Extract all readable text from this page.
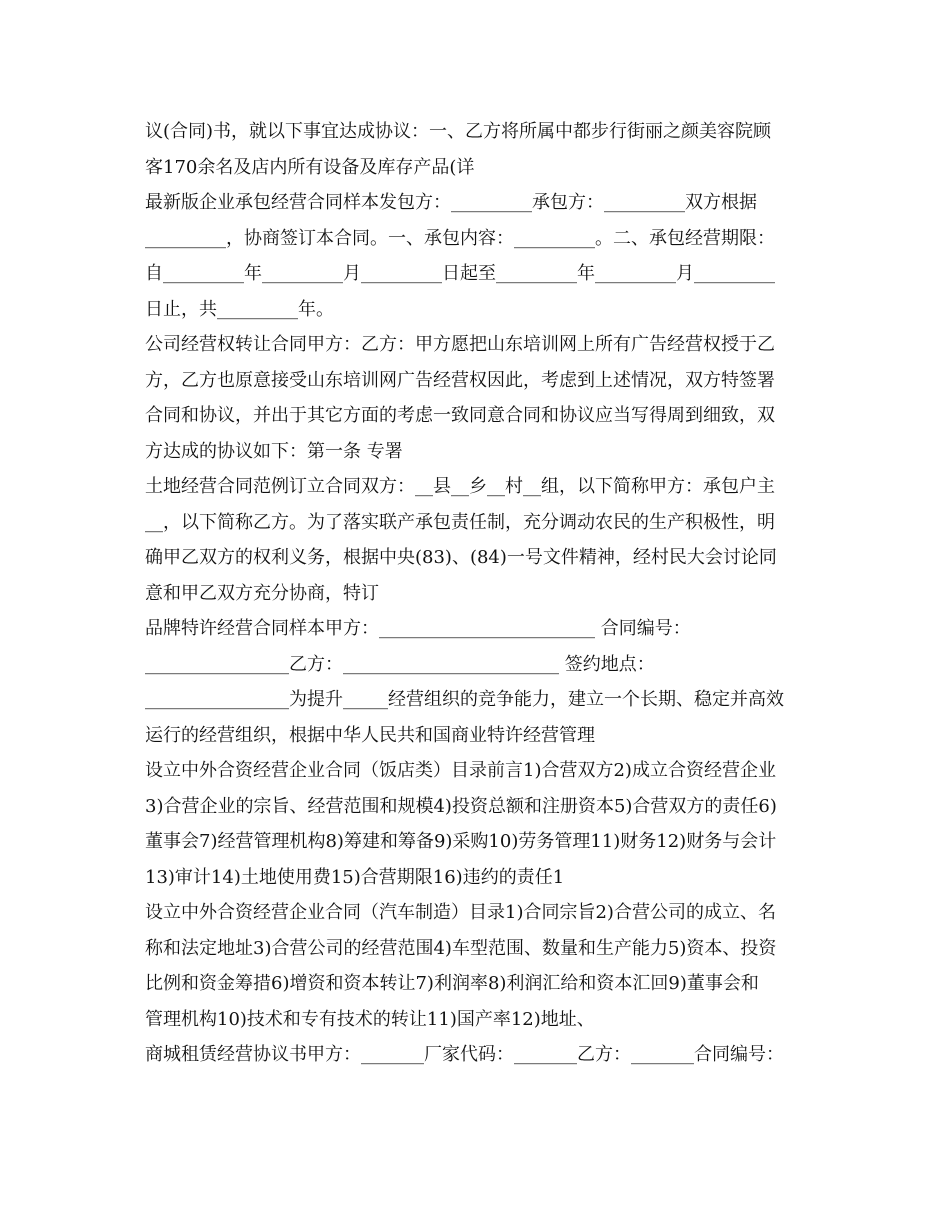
议(合同)书，就以下事宜达成协议：一、乙方将所属中都步行街丽之颜美容院顾
客170余名及店内所有设备及库存产品(详
最新版企业承包经营合同样本发包方：_________承包方：_________双方根据
_________，协商签订本合同。一、承包内容：_________。二、承包经营期限：
自_________年_________月_________日起至_________年_________月_________
日止，共_________年。
公司经营权转让合同甲方：乙方：甲方愿把山东培训网上所有广告经营权授于乙
方，乙方也原意接受山东培训网广告经营权因此，考虑到上述情况，双方特签署
合同和协议，并出于其它方面的考虑一致同意合同和协议应当写得周到细致，双
方达成的协议如下：第一条 专署
土地经营合同范例订立合同双方：__县__乡__村__组，以下简称甲方：承包户主
__，以下简称乙方。为了落实联产承包责任制，充分调动农民的生产积极性，明
确甲乙双方的权利义务，根据中央(83)、(84)一号文件精神，经村民大会讨论同
意和甲乙双方充分协商，特订
品牌特许经营合同样本甲方：________________________ 合同编号：
________________乙方：________________________ 签约地点：
________________为提升_____经营组织的竞争能力，建立一个长期、稳定并高效
运行的经营组织，根据中华人民共和国商业特许经营管理
设立中外合资经营企业合同（饭店类）目录前言1)合营双方2)成立合资经营企业
3)合营企业的宗旨、经营范围和规模4)投资总额和注册资本5)合营双方的责任6)
董事会7)经营管理机构8)筹建和筹备9)采购10)劳务管理11)财务12)财务与会计
13)审计14)土地使用费15)合营期限16)违约的责任1
设立中外合资经营企业合同（汽车制造）目录1)合同宗旨2)合营公司的成立、名
称和法定地址3)合营公司的经营范围4)车型范围、数量和生产能力5)资本、投资
比例和资金筹措6)增资和资本转让7)利润率8)利润汇给和资本汇回9)董事会和
管理机构10)技术和专有技术的转让11)国产率12)地址、
商城租赁经营协议书甲方：_______厂家代码：_______乙方：_______合同编号：
